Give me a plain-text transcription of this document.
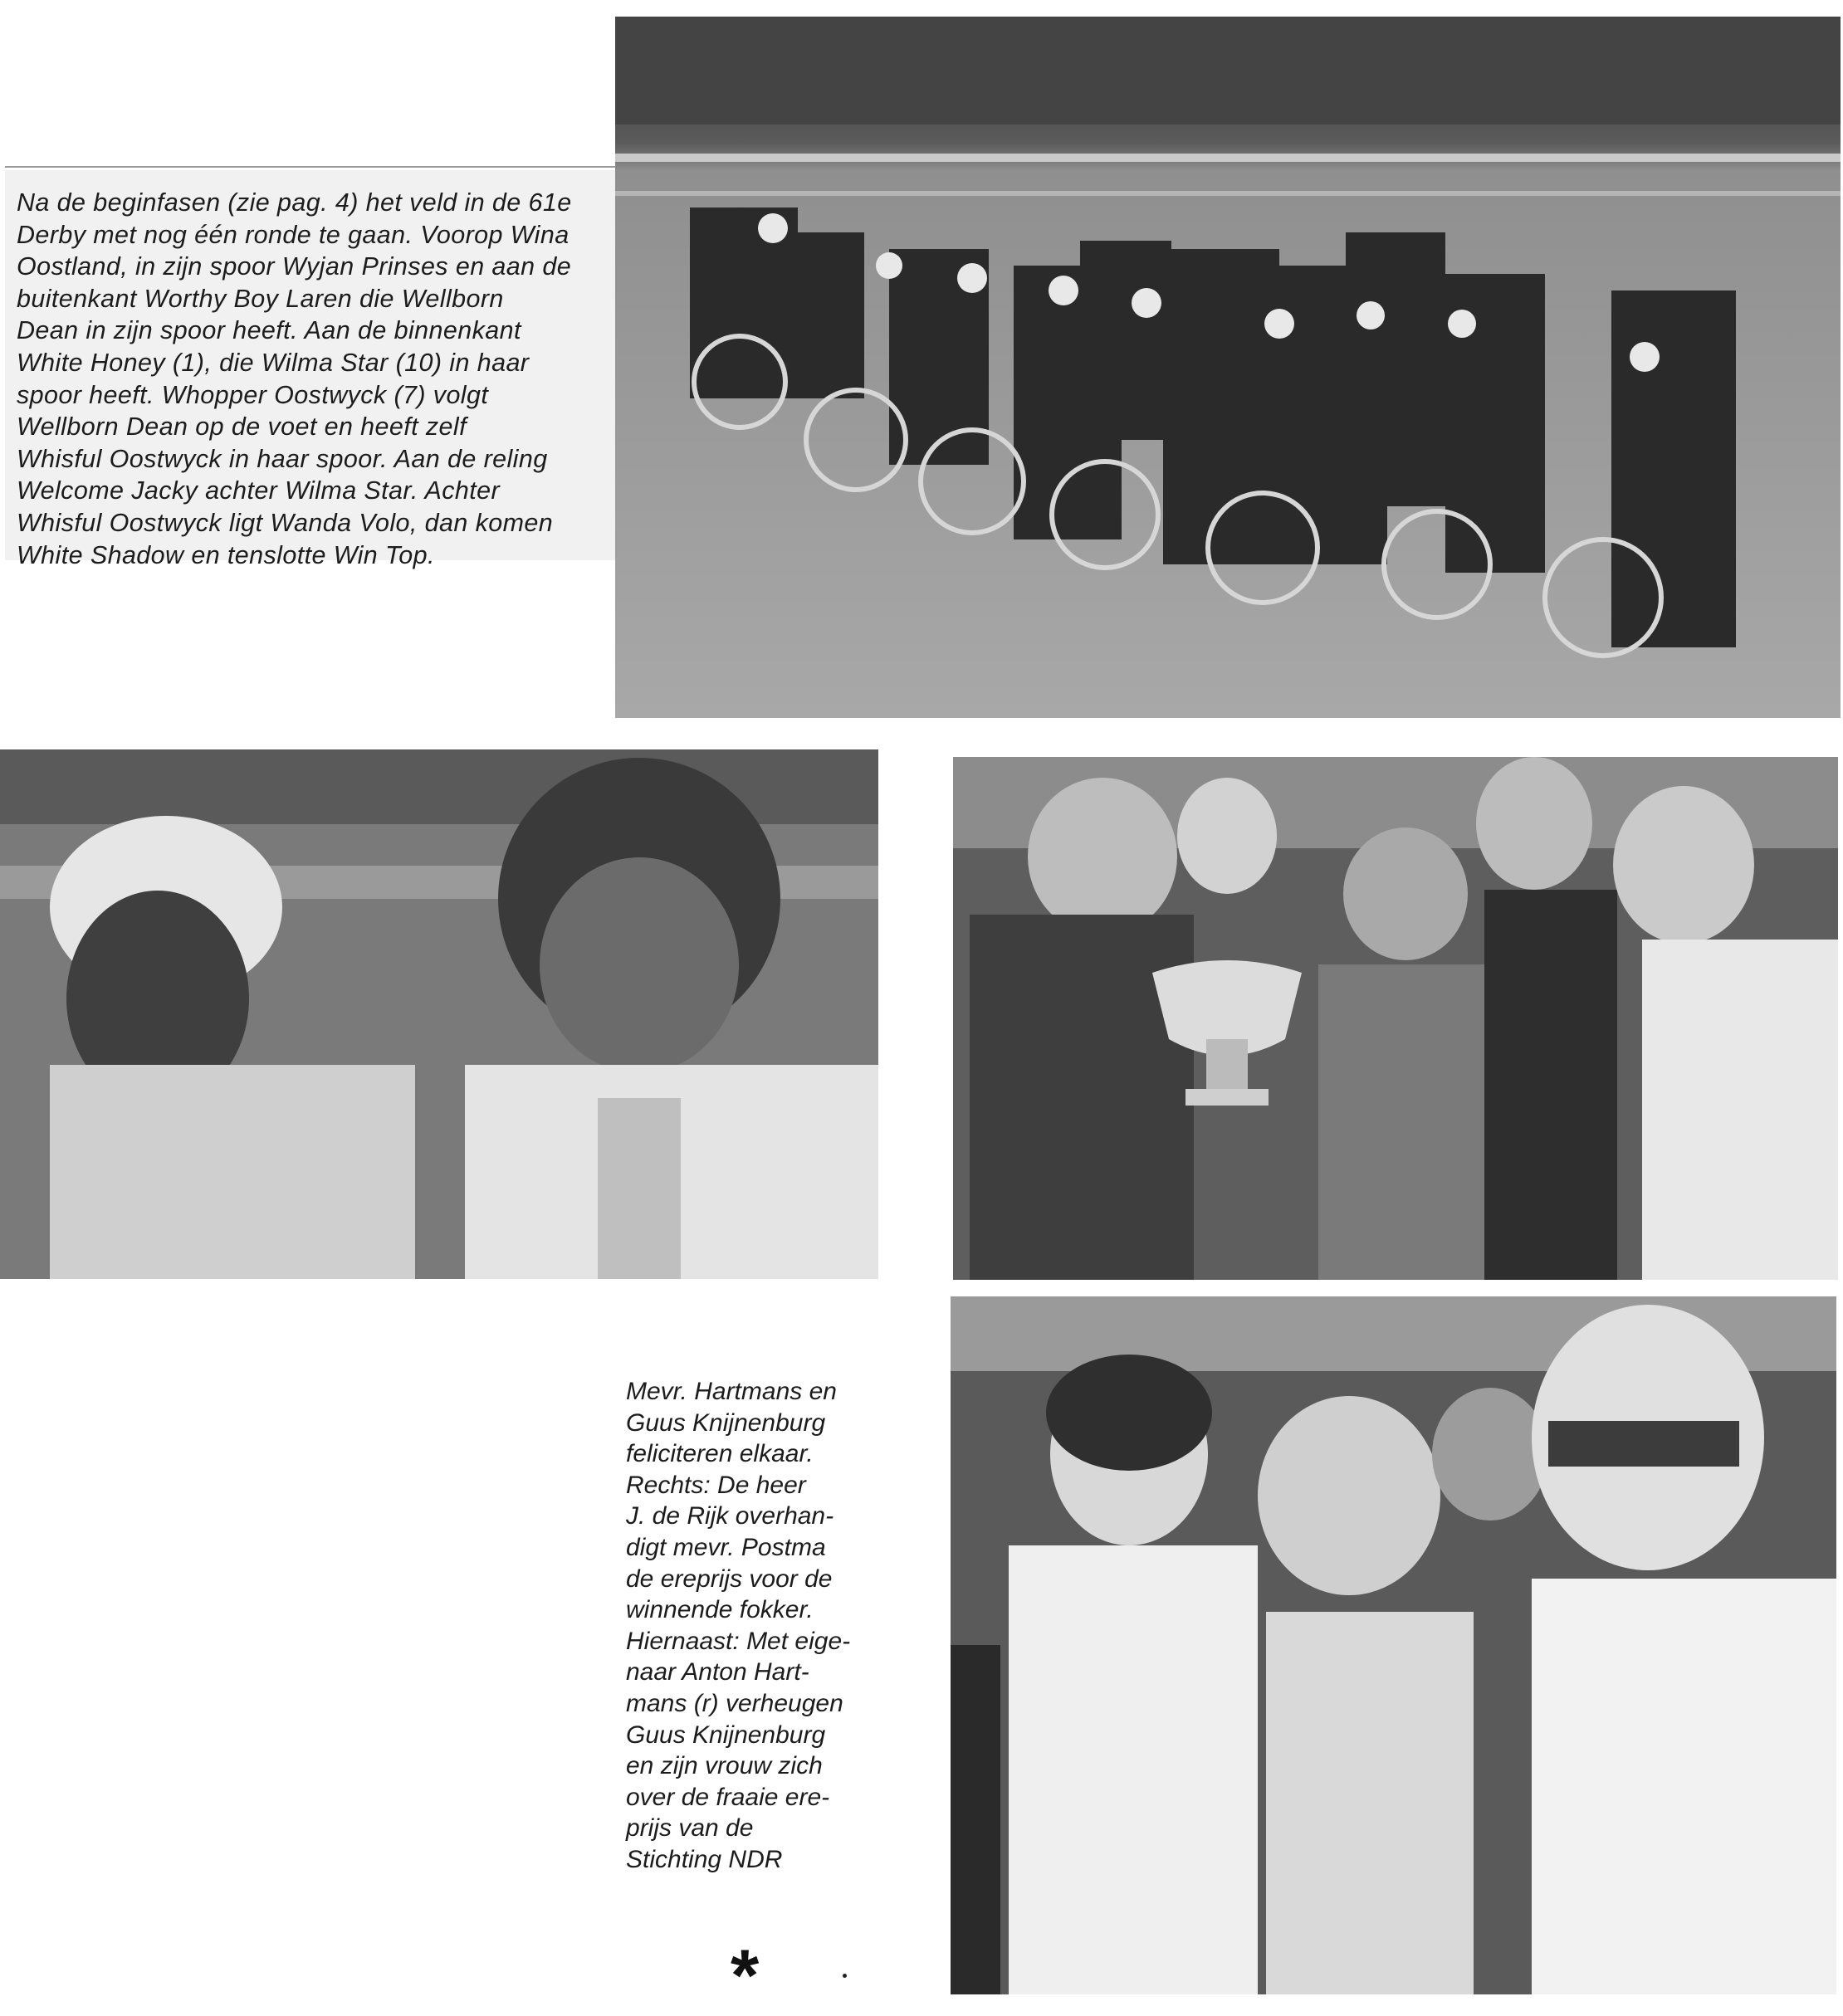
Na de beginfasen (zie pag. 4) het veld in de 61e
Derby met nog één ronde te gaan. Voorop Wina
Oostland, in zijn spoor Wyjan Prinses en aan de
buitenkant Worthy Boy Laren die Wellborn
Dean in zijn spoor heeft. Aan de binnenkant
White Honey (1), die Wilma Star (10) in haar
spoor heeft. Whopper Oostwyck (7) volgt
Wellborn Dean op de voet en heeft zelf
Whisful Oostwyck in haar spoor. Aan de reling
Welcome Jacky achter Wilma Star. Achter
Whisful Oostwyck ligt Wanda Volo, dan komen
White Shadow en tenslotte Win Top.
Mevr. Hartmans en
Guus Knijnenburg
feliciteren elkaar.
Rechts: De heer
J. de Rijk overhan-
digt mevr. Postma
de ereprijs voor de
winnende fokker.
Hiernaast: Met eige-
naar Anton Hart-
mans (r) verheugen
Guus Knijnenburg
en zijn vrouw zich
over de fraaie ere-
prijs van de
Stichting NDR
*
